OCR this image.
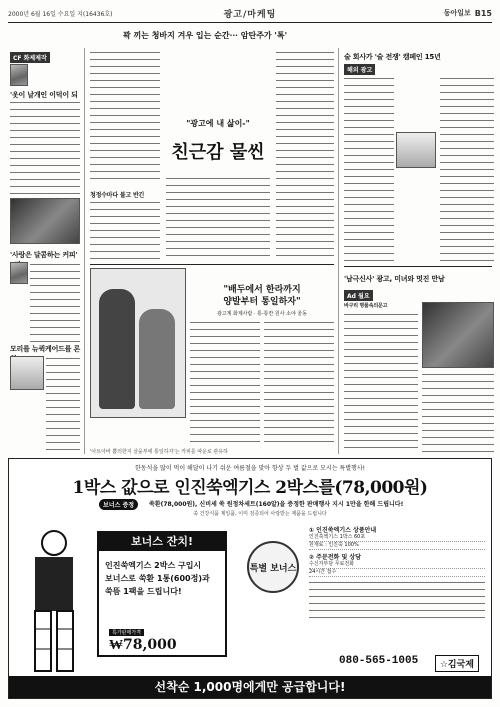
2000년 6월 16일 수요일 지(16436호)	광고/마케팅	동아일보 B15
꽉 끼는 청바지 겨우 입는 순간··· 암탄주가 '톡'
CF 화제제작
'옷이 날개인 이덕이 되
'사랑은 달콤하는 커피'
모리를 뉴퀵케어드를 론
"광고에 내 삶이-"
친근감 물씬
청정수마다 불고 반긴
'아트아바 뽐의한지 살을부에 통일하자'는 카피를 따운로 관유하
"배두에서 한라까지
양발부터 통일하자"
광고계 화제사람 · 통-통칸 원사 소야 울동
술 회사가 '술 전쟁' 캠페인 15년
해외 광고
'남극신사' 광고, 미녀와 멋진 만남
Ad 월요
바구리 명품속의문고
한동석을 많이 먹이 해달이 나기 쉬운 여름철을 맞아 항상 두 벌 값으로 모시는 특별행사!
1박스 값으로 인진쑥엑기스 2박스를(78,000원)
보너스 증정	쑥환(78,000원), 신비세 쑥 원정차세트(160알)을 증정한 판매행사 지시 1만을 한해 드립니다!
쑥 건강식품 제일품, 이미 검증되어 사랑받는 제품을 드립니다
보너스 잔치!
인진쑥엑기스 2박스 구입시
보너스로 쑥환 1통(600정)과
쑥뜸 1팩을 드립니다!
특가판매가격
₩78,000
특별 보너스
① 인진쑥엑기스 상품안내
인진쑥엑기스 1박스 60포
원재료 : 인진쑥 100%
② 주문전화 및 상담
수신자부담 무료전화
24시간 접수
080-565-1005	☆김국제
선착순 1,000명에게만 공급합니다!
